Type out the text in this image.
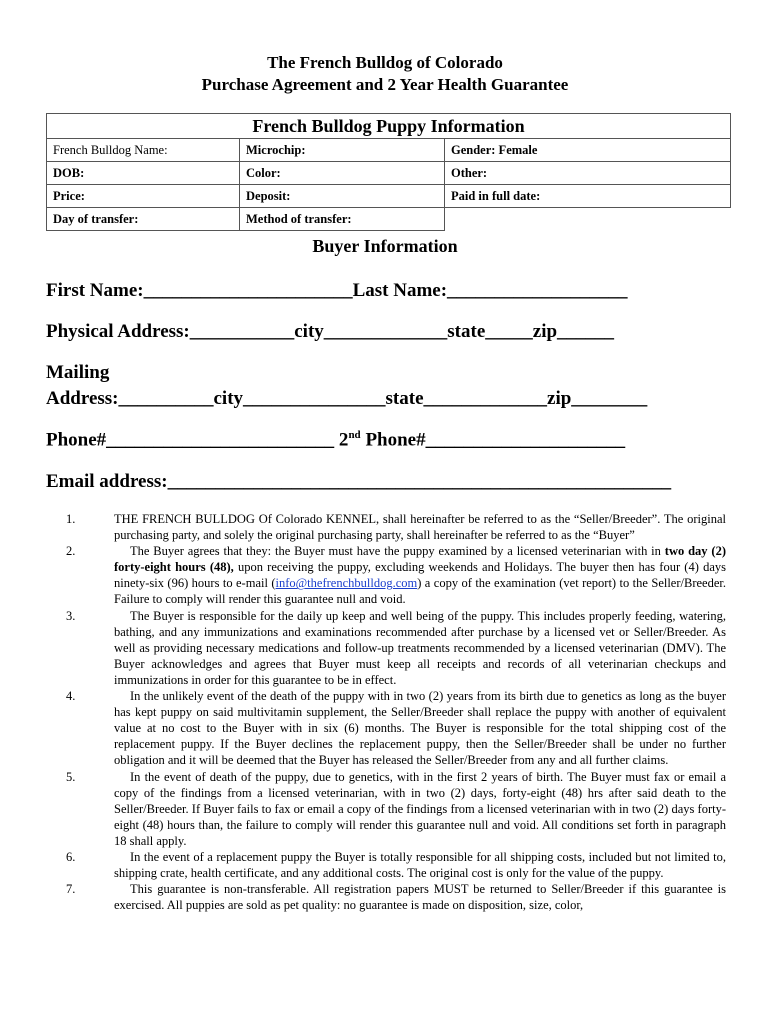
The French Bulldog of Colorado
Purchase Agreement and 2 Year Health Guarantee
French Bulldog Puppy Information		
French Bulldog Name:	Microchip:	Gender: Female
DOB:	Color:	Other:
Price:	Deposit:	Paid in full date:
Day of transfer:	Method of transfer:	
Buyer Information
First Name:______________________Last Name:___________________
Physical Address:___________city_____________state_____zip______
Mailing
Address:__________city_______________state_____________zip________
Phone#________________________ 2nd Phone#_____________________
Email address:_____________________________________________________
1.	THE FRENCH BULLDOG Of Colorado KENNEL, shall hereinafter be referred to as the “Seller/Breeder”. The original purchasing party, and solely the original purchasing party, shall hereinafter be referred to as the “Buyer”
2.	The Buyer agrees that they: the Buyer must have the puppy examined by a licensed veterinarian with in two day (2) forty-eight hours (48), upon receiving the puppy, excluding weekends and Holidays. The buyer then has four (4) days ninety-six (96) hours to e-mail (info@thefrenchbulldog.com) a copy of the examination (vet report) to the Seller/Breeder. Failure to comply will render this guarantee null and void.
3.	The Buyer is responsible for the daily up keep and well being of the puppy. This includes properly feeding, watering, bathing, and any immunizations and examinations recommended after purchase by a licensed vet or Seller/Breeder. As well as providing necessary medications and follow-up treatments recommended by a licensed veterinarian (DMV). The Buyer acknowledges and agrees that Buyer must keep all receipts and records of all veterinarian checkups and immunizations in order for this guarantee to be in effect.
4.	In the unlikely event of the death of the puppy with in two (2) years from its birth due to genetics as long as the buyer has kept puppy on said multivitamin supplement, the Seller/Breeder shall replace the puppy with another of equivalent value at no cost to the Buyer with in six (6) months. The Buyer is responsible for the total shipping cost of the replacement puppy. If the Buyer declines the replacement puppy, then the Seller/Breeder shall be under no further obligation and it will be deemed that the Buyer has released the Seller/Breeder from any and all further claims.
5.	In the event of death of the puppy, due to genetics, with in the first 2 years of birth. The Buyer must fax or email a copy of the findings from a licensed veterinarian, with in two (2) days, forty-eight (48) hrs after said death to the Seller/Breeder. If Buyer fails to fax or email a copy of the findings from a licensed veterinarian with in two (2) days forty-eight (48) hours than, the failure to comply will render this guarantee null and void. All conditions set forth in paragraph 18 shall apply.
6.	In the event of a replacement puppy the Buyer is totally responsible for all shipping costs, included but not limited to, shipping crate, health certificate, and any additional costs. The original cost is only for the value of the puppy.
7.	This guarantee is non-transferable. All registration papers MUST be returned to Seller/Breeder if this guarantee is exercised. All puppies are sold as pet quality: no guarantee is made on disposition, size, color,
